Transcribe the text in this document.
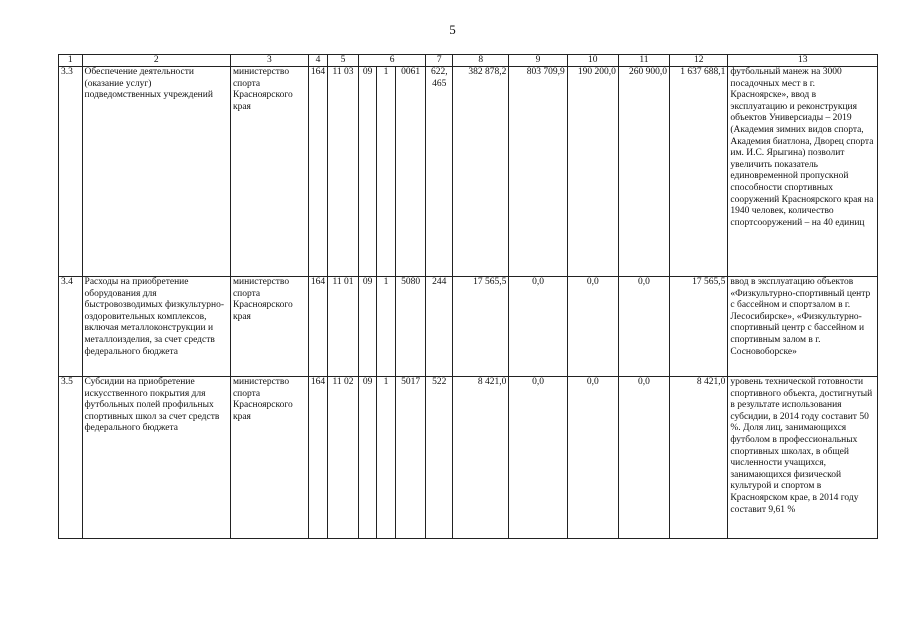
5
1	2	3	4	5	6			7	8	9	10	11	12	13
3.3	Обеспечение деятельности (оказание услуг) подведомственных учреждений	министерство спорта Красноярского края	164	11 03	09	1	0061	622, 465	382 878,2	803 709,9	190 200,0	260 900,0	1 637 688,1	футбольный манеж на 3000 посадочных мест в г. Красноярске», ввод в эксплуатацию и реконструкция объектов Универсиады – 2019 (Академия зимних видов спорта, Академия биатлона, Дворец спорта им. И.С. Ярыгина) позволит увеличить показатель единовременной пропускной способности спортивных сооружений Красноярского края на 1940 человек, количество спортсооружений – на 40 единиц
3.4	Расходы на приобретение оборудования для быстровозводимых физкультурно-оздоровительных комплексов, включая металлоконструкции и металлоизделия, за счет средств федерального бюджета	министерство спорта Красноярского края	164	11 01	09	1	5080	244	17 565,5	0,0	0,0	0,0	17 565,5	ввод в эксплуатацию объектов «Физкультурно-спортивный центр с бассейном и спортзалом в г. Лесосибирске», «Физкультурно-спортивный центр с бассейном и спортивным залом в г. Сосновоборске»
3.5	Субсидии на приобретение искусственного покрытия для футбольных полей профильных спортивных школ за счет средств федерального бюджета	министерство спорта Красноярского края	164	11 02	09	1	5017	522	8 421,0	0,0	0,0	0,0	8 421,0	уровень технической готовности спортивного объекта, достигнутый в результате использования субсидии, в 2014 году составит 50 %. Доля лиц, занимающихся футболом в профессиональных спортивных школах, в общей численности учащихся, занимающихся физической культурой и спортом в Красноярском крае, в 2014 году составит 9,61 %
